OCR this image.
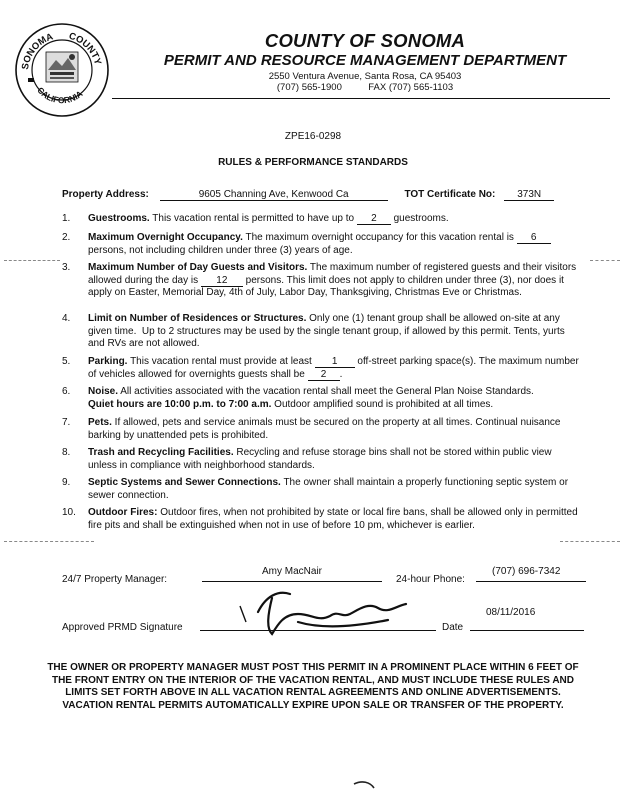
SONOMA COUNTY
CALIFORNIA
COUNTY OF SONOMA
PERMIT AND RESOURCE MANAGEMENT DEPARTMENT
2550 Ventura Avenue, Santa Rosa, CA 95403
(707) 565-1900          FAX (707) 565-1103
ZPE16-0298
RULES & PERFORMANCE STANDARDS
Property Address:	9605 Channing Ave, Kenwood Ca	TOT Certificate No: 373N
1. Guestrooms. This vacation rental is permitted to have up to 2 guestrooms.
2. Maximum Overnight Occupancy. The maximum overnight occupancy for this vacation rental is 6 persons, not including children under three (3) years of age.
3. Maximum Number of Day Guests and Visitors. The maximum number of registered guests and their visitors allowed during the day is 12 persons. This limit does not apply to children under three (3), nor does it apply on Easter, Memorial Day, 4th of July, Labor Day, Thanksgiving, Christmas Eve or Christmas.
4. Limit on Number of Residences or Structures. Only one (1) tenant group shall be allowed on-site at any given time.  Up to 2 structures may be used by the single tenant group, if allowed by this permit. Tents, yurts and RVs are not allowed.
5. Parking. This vacation rental must provide at least 1 off-street parking space(s). The maximum number of vehicles allowed for overnights guests shall be 2 .
6. Noise. All activities associated with the vacation rental shall meet the General Plan Noise Standards.
Quiet hours are 10:00 p.m. to 7:00 a.m. Outdoor amplified sound is prohibited at all times.
7. Pets. If allowed, pets and service animals must be secured on the property at all times. Continual nuisance barking by unattended pets is prohibited.
8. Trash and Recycling Facilities. Recycling and refuse storage bins shall not be stored within public view unless in compliance with neighborhood standards.
9. Septic Systems and Sewer Connections. The owner shall maintain a properly functioning septic system or sewer connection.
10. Outdoor Fires: Outdoor fires, when not prohibited by state or local fire bans, shall be allowed only in permitted fire pits and shall be extinguished when not in use of before 10 pm, whichever is earlier.
24/7 Property Manager:
Amy MacNair
24-hour Phone:
(707) 696-7342
Approved PRMD Signature	Date
08/11/2016
THE OWNER OR PROPERTY MANAGER MUST POST THIS PERMIT IN A PROMINENT PLACE WITHIN 6 FEET OF THE FRONT ENTRY ON THE INTERIOR OF THE VACATION RENTAL, AND MUST INCLUDE THESE RULES AND LIMITS SET FORTH ABOVE IN ALL VACATION RENTAL AGREEMENTS AND ONLINE ADVERTISEMENTS. VACATION RENTAL PERMITS AUTOMATICALLY EXPIRE UPON SALE OR TRANSFER OF THE PROPERTY.
